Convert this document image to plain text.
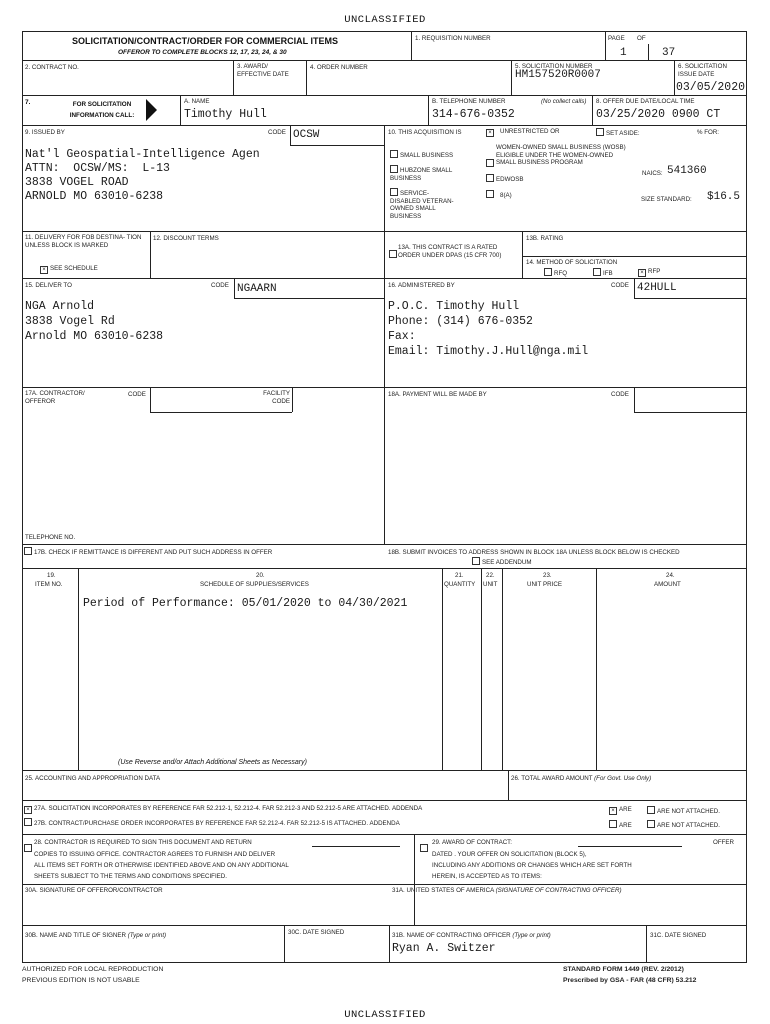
UNCLASSIFIED
SOLICITATION/CONTRACT/ORDER FOR COMMERCIAL ITEMS
OFFEROR TO COMPLETE BLOCKS 12, 17, 23, 24, & 30
1. REQUISITION NUMBER	PAGE OF
1	37
2. CONTRACT NO.	3. AWARD/ EFFECTIVE DATE
4. ORDER NUMBER	5. SOLICITATION NUMBER
HM157520R0007
6. SOLICITATION ISSUE DATE
03/05/2020
7.	FOR SOLICITATION INFORMATION CALL:
A. NAME
Timothy Hull
B. TELEPHONE NUMBER	(No collect calls)
314-676-0352
8. OFFER DUE DATE/LOCAL TIME
03/25/2020 0900 CT
9. ISSUED BY	CODE OCSW
Nat'l Geospatial-Intelligence Agen
ATTN:  OCSW/MS:  L-13
3838 VOGEL ROAD
ARNOLD MO 63010-6238
10. THIS ACQUISITION IS	× UNRESTRICTED OR	SET ASIDE:	% FOR:
SMALL BUSINESS
HUBZONE SMALL BUSINESS
SERVICE-DISABLED VETERAN-OWNED SMALL BUSINESS
WOMEN-OWNED SMALL BUSINESS (WOSB) ELIGIBLE UNDER THE WOMEN-OWNED SMALL BUSINESS PROGRAM
EDWOSB
8(A)
NAICS: 541360
SIZE STANDARD: $16.5
11. DELIVERY FOR FOB DESTINA- TION UNLESS BLOCK IS MARKED
× SEE SCHEDULE
12. DISCOUNT TERMS
13A. THIS CONTRACT IS A RATED ORDER UNDER DPAS (15 CFR 700)
13B. RATING
14. METHOD OF SOLICITATION
RFQ	IFB	× RFP
15. DELIVER TO	CODE NGAARN
NGA Arnold
3838 Vogel Rd
Arnold MO 63010-6238
16. ADMINISTERED BY	CODE 42HULL
P.O.C. Timothy Hull
Phone: (314) 676-0352
Fax:
Email: Timothy.J.Hull@nga.mil
17A. CONTRACTOR/ OFFEROR
CODE	FACILITY CODE
TELEPHONE NO.
17B. CHECK IF REMITTANCE IS DIFFERENT AND PUT SUCH ADDRESS IN OFFER
18A. PAYMENT WILL BE MADE BY	CODE
18B. SUBMIT INVOICES TO ADDRESS SHOWN IN BLOCK 18A UNLESS BLOCK BELOW IS CHECKED
SEE ADDENDUM
19.
ITEM NO.
20.
SCHEDULE OF SUPPLIES/SERVICES
21.
QUANTITY
22.
UNIT
23.
UNIT PRICE
24.
AMOUNT
Period of Performance: 05/01/2020 to 04/30/2021
(Use Reverse and/or Attach Additional Sheets as Necessary)
25. ACCOUNTING AND APPROPRIATION DATA	26. TOTAL AWARD AMOUNT (For Govt. Use Only)
× 27A. SOLICITATION INCORPORATES BY REFERENCE FAR 52.212-1, 52.212-4. FAR 52.212-3 AND 52.212-5 ARE ATTACHED. ADDENDA
27B. CONTRACT/PURCHASE ORDER INCORPORATES BY REFERENCE FAR 52.212-4. FAR 52.212-5 IS ATTACHED. ADDENDA
× ARE	ARE NOT ATTACHED.
ARE	ARE NOT ATTACHED.
28. CONTRACTOR IS REQUIRED TO SIGN THIS DOCUMENT AND RETURN
COPIES TO ISSUING OFFICE. CONTRACTOR AGREES TO FURNISH AND DELIVER
ALL ITEMS SET FORTH OR OTHERWISE IDENTIFIED ABOVE AND ON ANY ADDITIONAL
SHEETS SUBJECT TO THE TERMS AND CONDITIONS SPECIFIED.
29. AWARD OF CONTRACT:	OFFER
DATED . YOUR OFFER ON SOLICITATION (BLOCK 5),
INCLUDING ANY ADDITIONS OR CHANGES WHICH ARE SET FORTH
HEREIN, IS ACCEPTED AS TO ITEMS:
30A. SIGNATURE OF OFFEROR/CONTRACTOR	31A. UNITED STATES OF AMERICA (SIGNATURE OF CONTRACTING OFFICER)
30B. NAME AND TITLE OF SIGNER (Type or print)	30C. DATE SIGNED	31B. NAME OF CONTRACTING OFFICER (Type or print)
Ryan A. Switzer
31C. DATE SIGNED
AUTHORIZED FOR LOCAL REPRODUCTION
PREVIOUS EDITION IS NOT USABLE
STANDARD FORM 1449 (REV. 2/2012)
Prescribed by GSA - FAR (48 CFR) 53.212
UNCLASSIFIED
